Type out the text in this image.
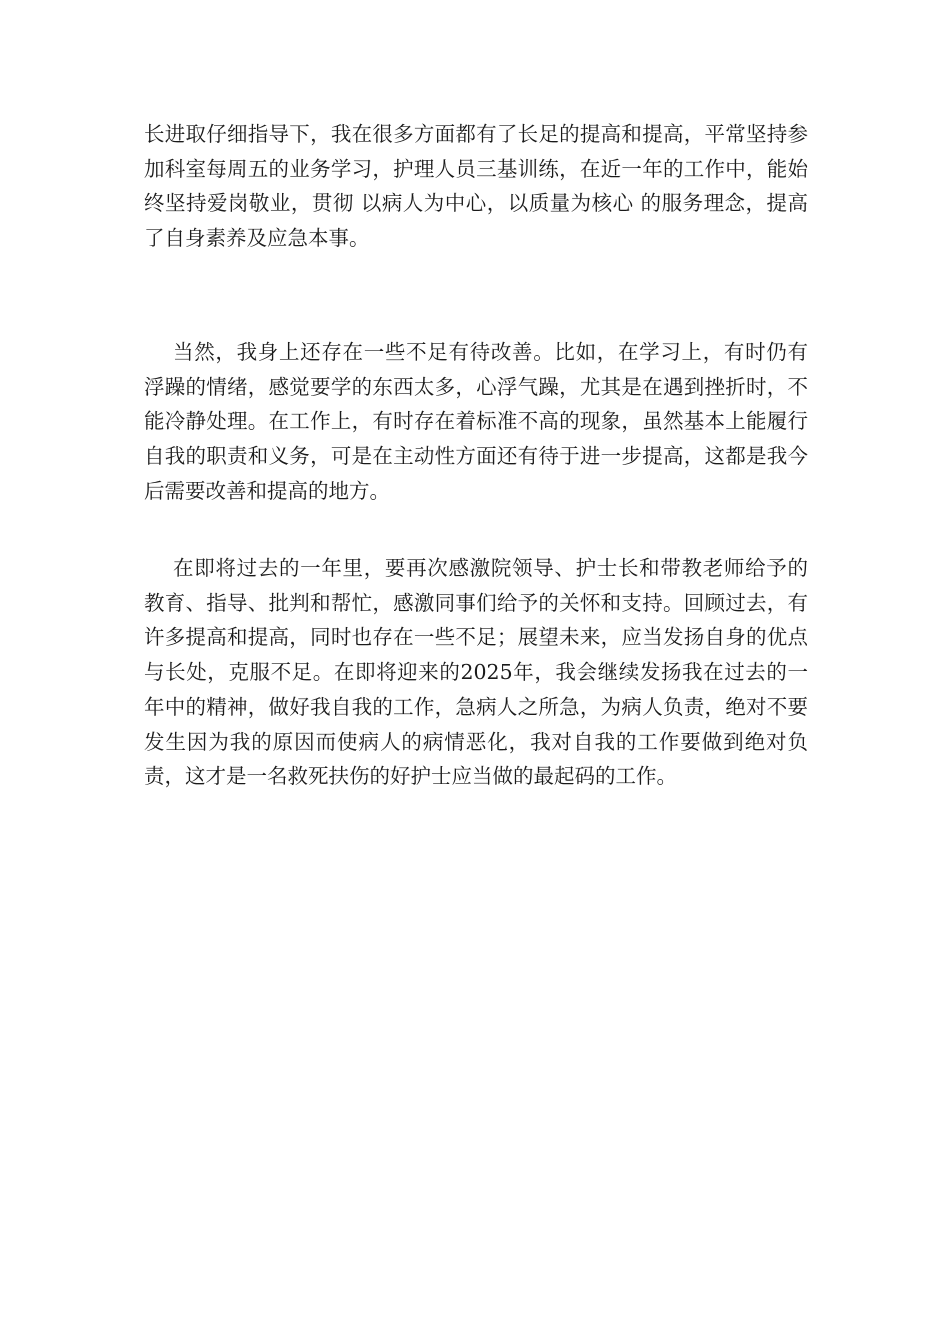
长进取仔细指导下，我在很多方面都有了长足的提高和提高，平常坚持参加科室每周五的业务学习，护理人员三基训练，在近一年的工作中，能始终坚持爱岗敬业，贯彻 以病人为中心，以质量为核心 的服务理念，提高了自身素养及应急本事。

当然，我身上还存在一些不足有待改善。比如，在学习上，有时仍有浮躁的情绪，感觉要学的东西太多，心浮气躁，尤其是在遇到挫折时，不能冷静处理。在工作上，有时存在着标准不高的现象，虽然基本上能履行自我的职责和义务，可是在主动性方面还有待于进一步提高，这都是我今后需要改善和提高的地方。

在即将过去的一年里，要再次感激院领导、护士长和带教老师给予的教育、指导、批判和帮忙，感激同事们给予的关怀和支持。回顾过去，有许多提高和提高，同时也存在一些不足；展望未来，应当发扬自身的优点与长处，克服不足。在即将迎来的2025年，我会继续发扬我在过去的一年中的精神，做好我自我的工作，急病人之所急，为病人负责，绝对不要发生因为我的原因而使病人的病情恶化，我对自我的工作要做到绝对负责，这才是一名救死扶伤的好护士应当做的最起码的工作。
